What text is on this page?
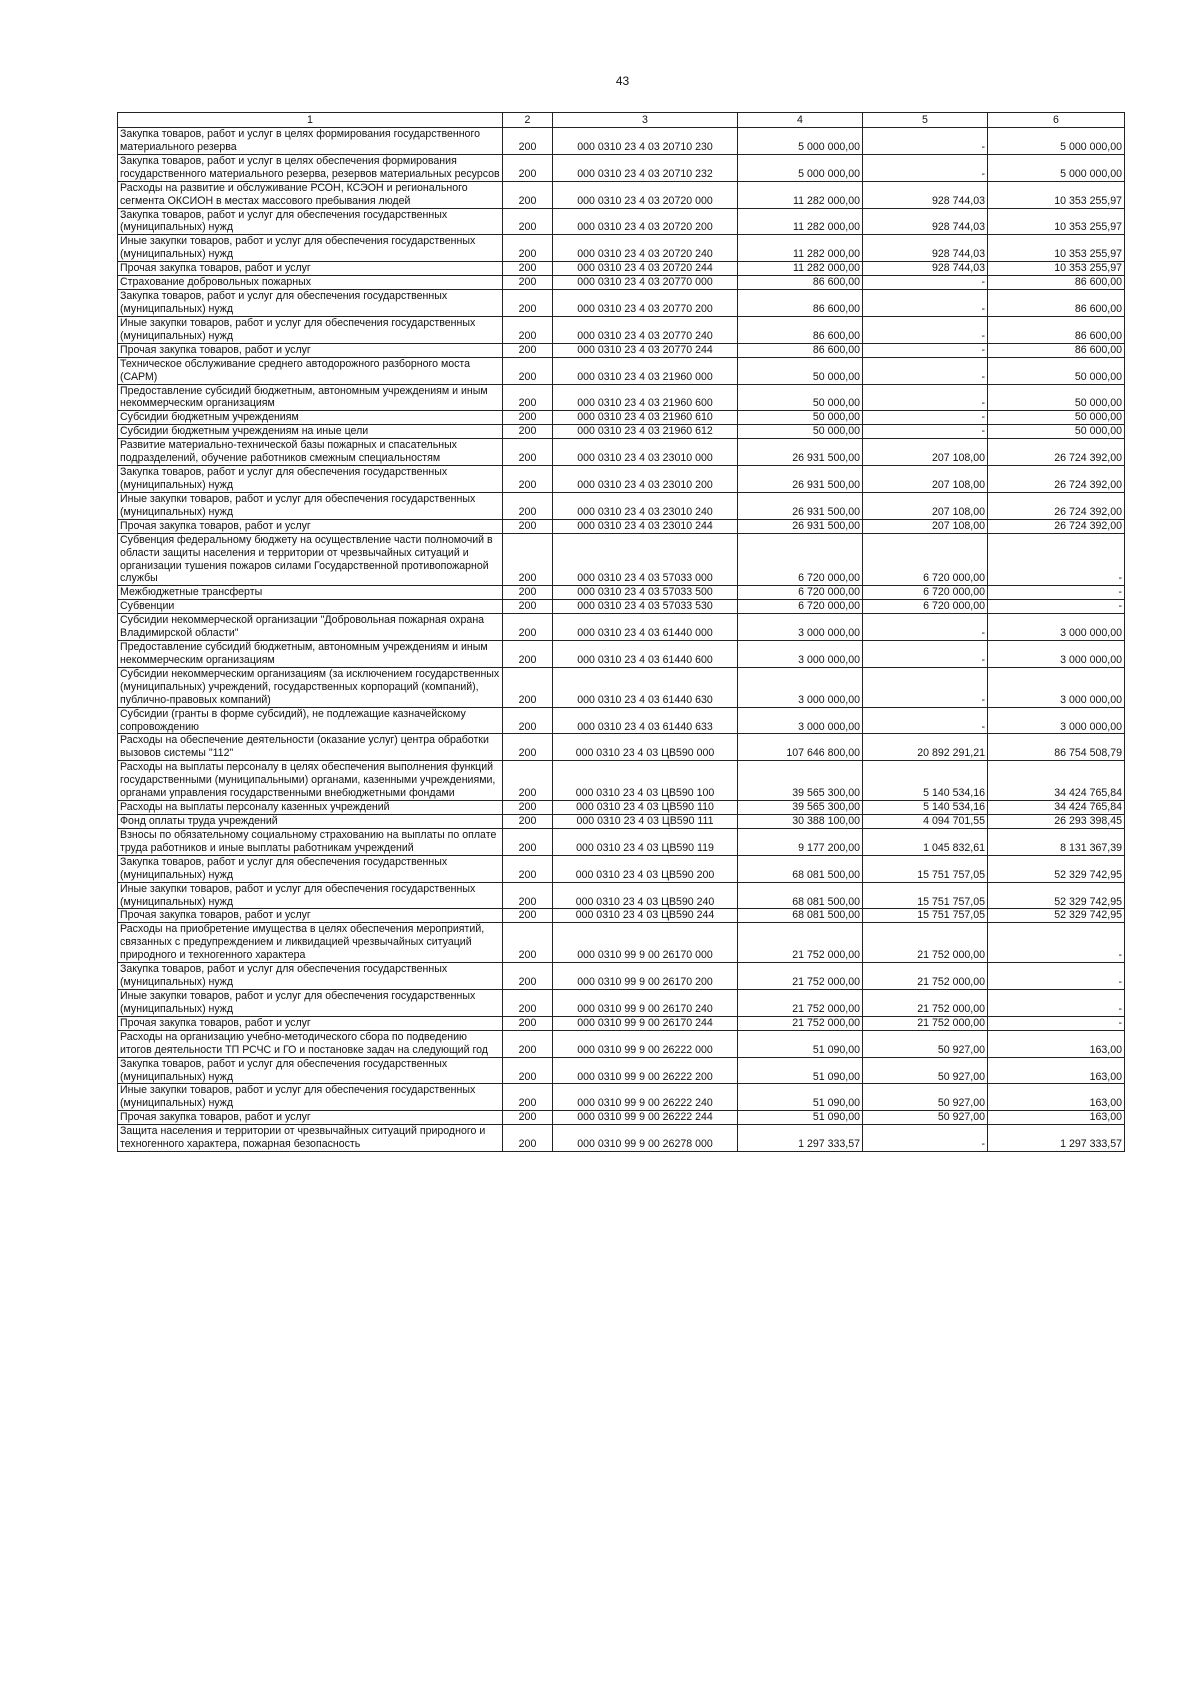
43
1	2	3	4	5	6
Закупка товаров, работ и услуг в целях формирования государственного материального резерва	200	000 0310 23 4 03 20710 230	5 000 000,00	-	5 000 000,00
Закупка товаров, работ и услуг в целях обеспечения формирования государственного материального резерва, резервов материальных ресурсов	200	000 0310 23 4 03 20710 232	5 000 000,00	-	5 000 000,00
Расходы на развитие и обслуживание РСОН, КСЭОН и регионального сегмента ОКСИОН в местах массового пребывания людей	200	000 0310 23 4 03 20720 000	11 282 000,00	928 744,03	10 353 255,97
Закупка товаров, работ и услуг для обеспечения государственных (муниципальных) нужд	200	000 0310 23 4 03 20720 200	11 282 000,00	928 744,03	10 353 255,97
Иные закупки товаров, работ и услуг для обеспечения государственных (муниципальных) нужд	200	000 0310 23 4 03 20720 240	11 282 000,00	928 744,03	10 353 255,97
Прочая закупка товаров, работ и услуг	200	000 0310 23 4 03 20720 244	11 282 000,00	928 744,03	10 353 255,97
Страхование добровольных пожарных	200	000 0310 23 4 03 20770 000	86 600,00	-	86 600,00
Закупка товаров, работ и услуг для обеспечения государственных (муниципальных) нужд	200	000 0310 23 4 03 20770 200	86 600,00	-	86 600,00
Иные закупки товаров, работ и услуг для обеспечения государственных (муниципальных) нужд	200	000 0310 23 4 03 20770 240	86 600,00	-	86 600,00
Прочая закупка товаров, работ и услуг	200	000 0310 23 4 03 20770 244	86 600,00	-	86 600,00
Техническое обслуживание среднего автодорожного разборного моста (САРМ)	200	000 0310 23 4 03 21960 000	50 000,00	-	50 000,00
Предоставление субсидий бюджетным, автономным учреждениям и иным некоммерческим организациям	200	000 0310 23 4 03 21960 600	50 000,00	-	50 000,00
Субсидии бюджетным учреждениям	200	000 0310 23 4 03 21960 610	50 000,00	-	50 000,00
Субсидии бюджетным учреждениям на иные цели	200	000 0310 23 4 03 21960 612	50 000,00	-	50 000,00
Развитие материально-технической базы пожарных и спасательных подразделений, обучение работников смежным специальностям	200	000 0310 23 4 03 23010 000	26 931 500,00	207 108,00	26 724 392,00
Закупка товаров, работ и услуг для обеспечения государственных (муниципальных) нужд	200	000 0310 23 4 03 23010 200	26 931 500,00	207 108,00	26 724 392,00
Иные закупки товаров, работ и услуг для обеспечения государственных (муниципальных) нужд	200	000 0310 23 4 03 23010 240	26 931 500,00	207 108,00	26 724 392,00
Прочая закупка товаров, работ и услуг	200	000 0310 23 4 03 23010 244	26 931 500,00	207 108,00	26 724 392,00
Субвенция федеральному бюджету на осуществление части полномочий в области защиты населения и территории от чрезвычайных ситуаций и организации тушения пожаров силами Государственной противопожарной службы	200	000 0310 23 4 03 57033 000	6 720 000,00	6 720 000,00	-
Межбюджетные трансферты	200	000 0310 23 4 03 57033 500	6 720 000,00	6 720 000,00	-
Субвенции	200	000 0310 23 4 03 57033 530	6 720 000,00	6 720 000,00	-
Субсидии некоммерческой организации "Добровольная пожарная охрана Владимирской области"	200	000 0310 23 4 03 61440 000	3 000 000,00	-	3 000 000,00
Предоставление субсидий бюджетным, автономным учреждениям и иным некоммерческим организациям	200	000 0310 23 4 03 61440 600	3 000 000,00	-	3 000 000,00
Субсидии некоммерческим организациям (за исключением государственных (муниципальных) учреждений, государственных корпораций (компаний), публично-правовых компаний)	200	000 0310 23 4 03 61440 630	3 000 000,00	-	3 000 000,00
Субсидии (гранты в форме субсидий), не подлежащие казначейскому сопровождению	200	000 0310 23 4 03 61440 633	3 000 000,00	-	3 000 000,00
Расходы на обеспечение деятельности (оказание услуг) центра обработки вызовов системы "112"	200	000 0310 23 4 03 ЦВ590 000	107 646 800,00	20 892 291,21	86 754 508,79
Расходы на выплаты персоналу в целях обеспечения выполнения функций государственными (муниципальными) органами, казенными учреждениями, органами управления государственными внебюджетными фондами	200	000 0310 23 4 03 ЦВ590 100	39 565 300,00	5 140 534,16	34 424 765,84
Расходы на выплаты персоналу казенных учреждений	200	000 0310 23 4 03 ЦВ590 110	39 565 300,00	5 140 534,16	34 424 765,84
Фонд оплаты труда учреждений	200	000 0310 23 4 03 ЦВ590 111	30 388 100,00	4 094 701,55	26 293 398,45
Взносы по обязательному социальному страхованию на выплаты по оплате труда работников и иные выплаты работникам учреждений	200	000 0310 23 4 03 ЦВ590 119	9 177 200,00	1 045 832,61	8 131 367,39
Закупка товаров, работ и услуг для обеспечения государственных (муниципальных) нужд	200	000 0310 23 4 03 ЦВ590 200	68 081 500,00	15 751 757,05	52 329 742,95
Иные закупки товаров, работ и услуг для обеспечения государственных (муниципальных) нужд	200	000 0310 23 4 03 ЦВ590 240	68 081 500,00	15 751 757,05	52 329 742,95
Прочая закупка товаров, работ и услуг	200	000 0310 23 4 03 ЦВ590 244	68 081 500,00	15 751 757,05	52 329 742,95
Расходы на приобретение имущества в целях обеспечения мероприятий, связанных с предупреждением и ликвидацией чрезвычайных ситуаций природного и техногенного характера	200	000 0310 99 9 00 26170 000	21 752 000,00	21 752 000,00	-
Закупка товаров, работ и услуг для обеспечения государственных (муниципальных) нужд	200	000 0310 99 9 00 26170 200	21 752 000,00	21 752 000,00	-
Иные закупки товаров, работ и услуг для обеспечения государственных (муниципальных) нужд	200	000 0310 99 9 00 26170 240	21 752 000,00	21 752 000,00	-
Прочая закупка товаров, работ и услуг	200	000 0310 99 9 00 26170 244	21 752 000,00	21 752 000,00	-
Расходы на организацию учебно-методического сбора по подведению итогов деятельности ТП РСЧС и ГО и постановке задач на следующий год	200	000 0310 99 9 00 26222 000	51 090,00	50 927,00	163,00
Закупка товаров, работ и услуг для обеспечения государственных (муниципальных) нужд	200	000 0310 99 9 00 26222 200	51 090,00	50 927,00	163,00
Иные закупки товаров, работ и услуг для обеспечения государственных (муниципальных) нужд	200	000 0310 99 9 00 26222 240	51 090,00	50 927,00	163,00
Прочая закупка товаров, работ и услуг	200	000 0310 99 9 00 26222 244	51 090,00	50 927,00	163,00
Защита населения и территории от чрезвычайных ситуаций природного и техногенного характера, пожарная безопасность	200	000 0310 99 9 00 26278 000	1 297 333,57	-	1 297 333,57
